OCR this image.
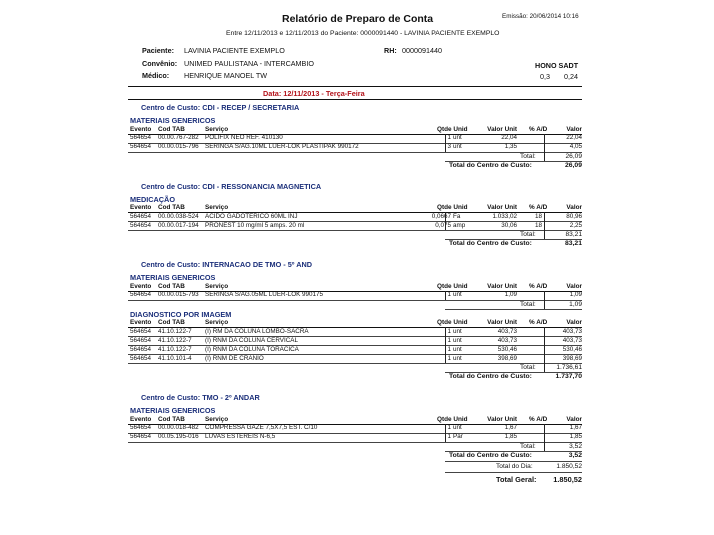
Relatório de Preparo de Conta	Emissão: 20/06/2014 10:16
Entre 12/11/2013 e 12/11/2013 do Paciente: 0000091440 - LAVINIA PACIENTE EXEMPLO
Paciente: LAVINIA PACIENTE EXEMPLO	RH: 0000091440
Convênio: UNIMED PAULISTANA - INTERCAMBIO	HONO SADT
Médico: HENRIQUE MANOEL TW	0,3 0,24
Data: 12/11/2013 - Terça-Feira
Centro de Custo: CDI - RECEP / SECRETARIA
MATERIAIS GENERICOS
Evento Cod TAB	Serviço	Qtde Unid	Valor Unit % A/D	Valor
564654 00.00.767-282 POLIFIX NEO REF. 410130	1 unt	22,04	22,04
564654 00.00.015-796 SERINGA S/AG.10ML LUER-LOK PLASTIPAK 990172	3 unt	1,35	4,05
Total:	26,09
Total do Centro de Custo:	26,09
Centro de Custo: CDI - RESSONANCIA MAGNETICA
MEDICAÇÃO
Evento Cod TAB	Serviço	Qtde Unid	Valor Unit % A/D	Valor
564654 00.00.038-524 ACIDO GADOTERICO 60ML INJ	0,0667 Fa	1.033,02	18	80,96
564654 00.00.017-194 PRONEST 10 mg/ml 5 amps. 20 ml	0,075 amp	30,06	18	2,25
Total:	83,21
Total do Centro de Custo:	83,21
Centro de Custo: INTERNACAO DE TMO - 5º AND
MATERIAIS GENERICOS
Evento Cod TAB	Serviço	Qtde Unid	Valor Unit % A/D	Valor
564654 00.00.015-793 SERINGA S/AG.05ML LUER-LOK 990175	1 unt	1,09	1,09
Total:	1,09
DIAGNOSTICO POR IMAGEM
Evento Cod TAB	Serviço	Qtde Unid	Valor Unit % A/D	Valor
564654 41.10.122-7 (I) RM DA COLUNA LOMBO-SACRA	1 unt	403,73	403,73
564654 41.10.122-7 (I) RNM DA COLUNA CERVICAL	1 unt	403,73	403,73
564654 41.10.122-7 (I) RNM DA COLUNA TORACICA	1 unt	530,46	530,46
564654 41.10.101-4 (I) RNM DE CRANIO	1 unt	398,69	398,69
Total:	1.736,61
Total do Centro de Custo:	1.737,70
Centro de Custo: TMO - 2º ANDAR
MATERIAIS GENERICOS
Evento Cod TAB	Serviço	Qtde Unid	Valor Unit % A/D	Valor
564654 00.00.018-482 COMPRESSA GAZE 7,5X7,5 EST. C/10	1 unt	1,67	1,67
564654 00.05.195-016 LUVAS ESTEREIS N-6,5	1 Par	1,85	1,85
Total:	3,52
Total do Centro de Custo:	3,52
Total do Dia:	1.850,52
Total Geral: 1.850,52
